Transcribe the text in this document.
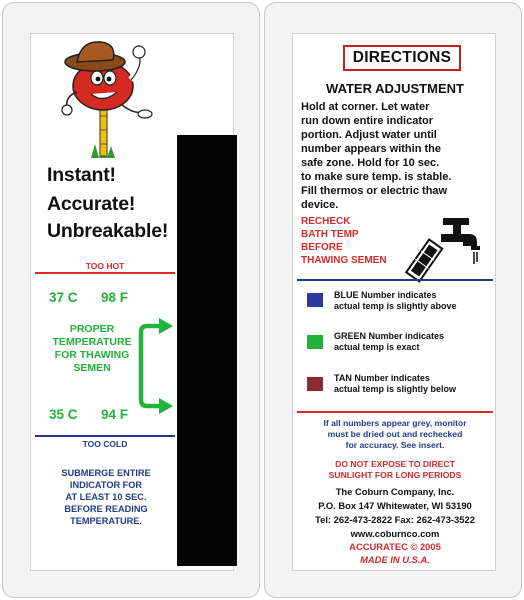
Instant!
Accurate!
Unbreakable!
TOO HOT
37 C 98 F
PROPER
TEMPERATURE
FOR THAWING
SEMEN
35 C 94 F
TOO COLD
SUBMERGE ENTIRE
INDICATOR FOR
AT LEAST 10 SEC.
BEFORE READING
TEMPERATURE.
DIRECTIONS
WATER ADJUSTMENT
Hold at corner. Let water
run down entire indicator
portion. Adjust water until
number appears within the
safe zone. Hold for 10 sec.
to make sure temp. is stable.
Fill thermos or electric thaw
device.
RECHECK
BATH TEMP
BEFORE
THAWING SEMEN
BLUE Number indicates
actual temp is slightly above
GREEN Number indicates
actual temp is exact
TAN Number indicates
actual temp is slightly below
If all numbers appear grey, monitor
must be dried out and rechecked
for accuracy. See insert.
DO NOT EXPOSE TO DIRECT
SUNLIGHT FOR LONG PERIODS
The Coburn Company, Inc.
P.O. Box 147 Whitewater, WI 53190
Tel: 262-473-2822 Fax: 262-473-3522
www.coburnco.com
ACCURATEC © 2005
MADE IN U.S.A.
